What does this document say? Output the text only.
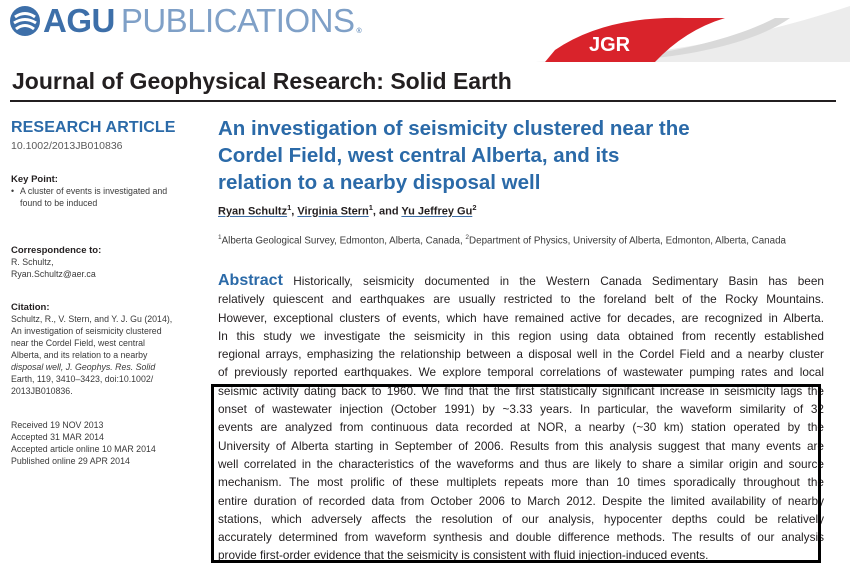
AGU PUBLICATIONS ®
JGR
Journal of Geophysical Research: Solid Earth
RESEARCH ARTICLE
10.1002/2013JB010836
Key Point:
• A cluster of events is investigated and
found to be induced
Correspondence to:
R. Schultz,
Ryan.Schultz@aer.ca
Citation:
Schultz, R., V. Stern, and Y. J. Gu (2014),
An investigation of seismicity clustered
near the Cordel Field, west central
Alberta, and its relation to a nearby
disposal well, J. Geophys. Res. Solid
Earth, 119, 3410–3423, doi:10.1002/
2013JB010836.
Received 19 NOV 2013
Accepted 31 MAR 2014
Accepted article online 10 MAR 2014
Published online 29 APR 2014
An investigation of seismicity clustered near the
Cordel Field, west central Alberta, and its
relation to a nearby disposal well
Ryan Schultz$^1$, Virginia Stern$^1$, and Yu Jeffrey Gu$^2$
$^1$Alberta Geological Survey, Edmonton, Alberta, Canada, $^2$Department of Physics, University of Alberta, Edmonton, Alberta, Canada
Abstract Historically, seismicity documented in the Western Canada Sedimentary Basin has been
relatively quiescent and earthquakes are usually restricted to the foreland belt of the Rocky Mountains.
However, exceptional clusters of events, which have remained active for decades, are recognized in Alberta.
In this study we investigate the seismicity in this region using data obtained from recently established
regional arrays, emphasizing the relationship between a disposal well in the Cordel Field and a nearby cluster
of previously reported earthquakes. We explore temporal correlations of wastewater pumping rates and local
seismic activity dating back to 1960. We find that the first statistically significant increase in seismicity lags the
onset of wastewater injection (October 1991) by ~3.33 years. In particular, the waveform similarity of 32
events are analyzed from continuous data recorded at NOR, a nearby (~30 km) station operated by the
University of Alberta starting in September of 2006. Results from this analysis suggest that many events are
well correlated in the characteristics of the waveforms and thus are likely to share a similar origin and source
mechanism. The most prolific of these multiplets repeats more than 10 times sporadically throughout the
entire duration of recorded data from October 2006 to March 2012. Despite the limited availability of nearby
stations, which adversely affects the resolution of our analysis, hypocenter depths could be relatively
accurately determined from waveform synthesis and double difference methods. The results of our analysis
provide first-order evidence that the seismicity is consistent with fluid injection-induced events.
